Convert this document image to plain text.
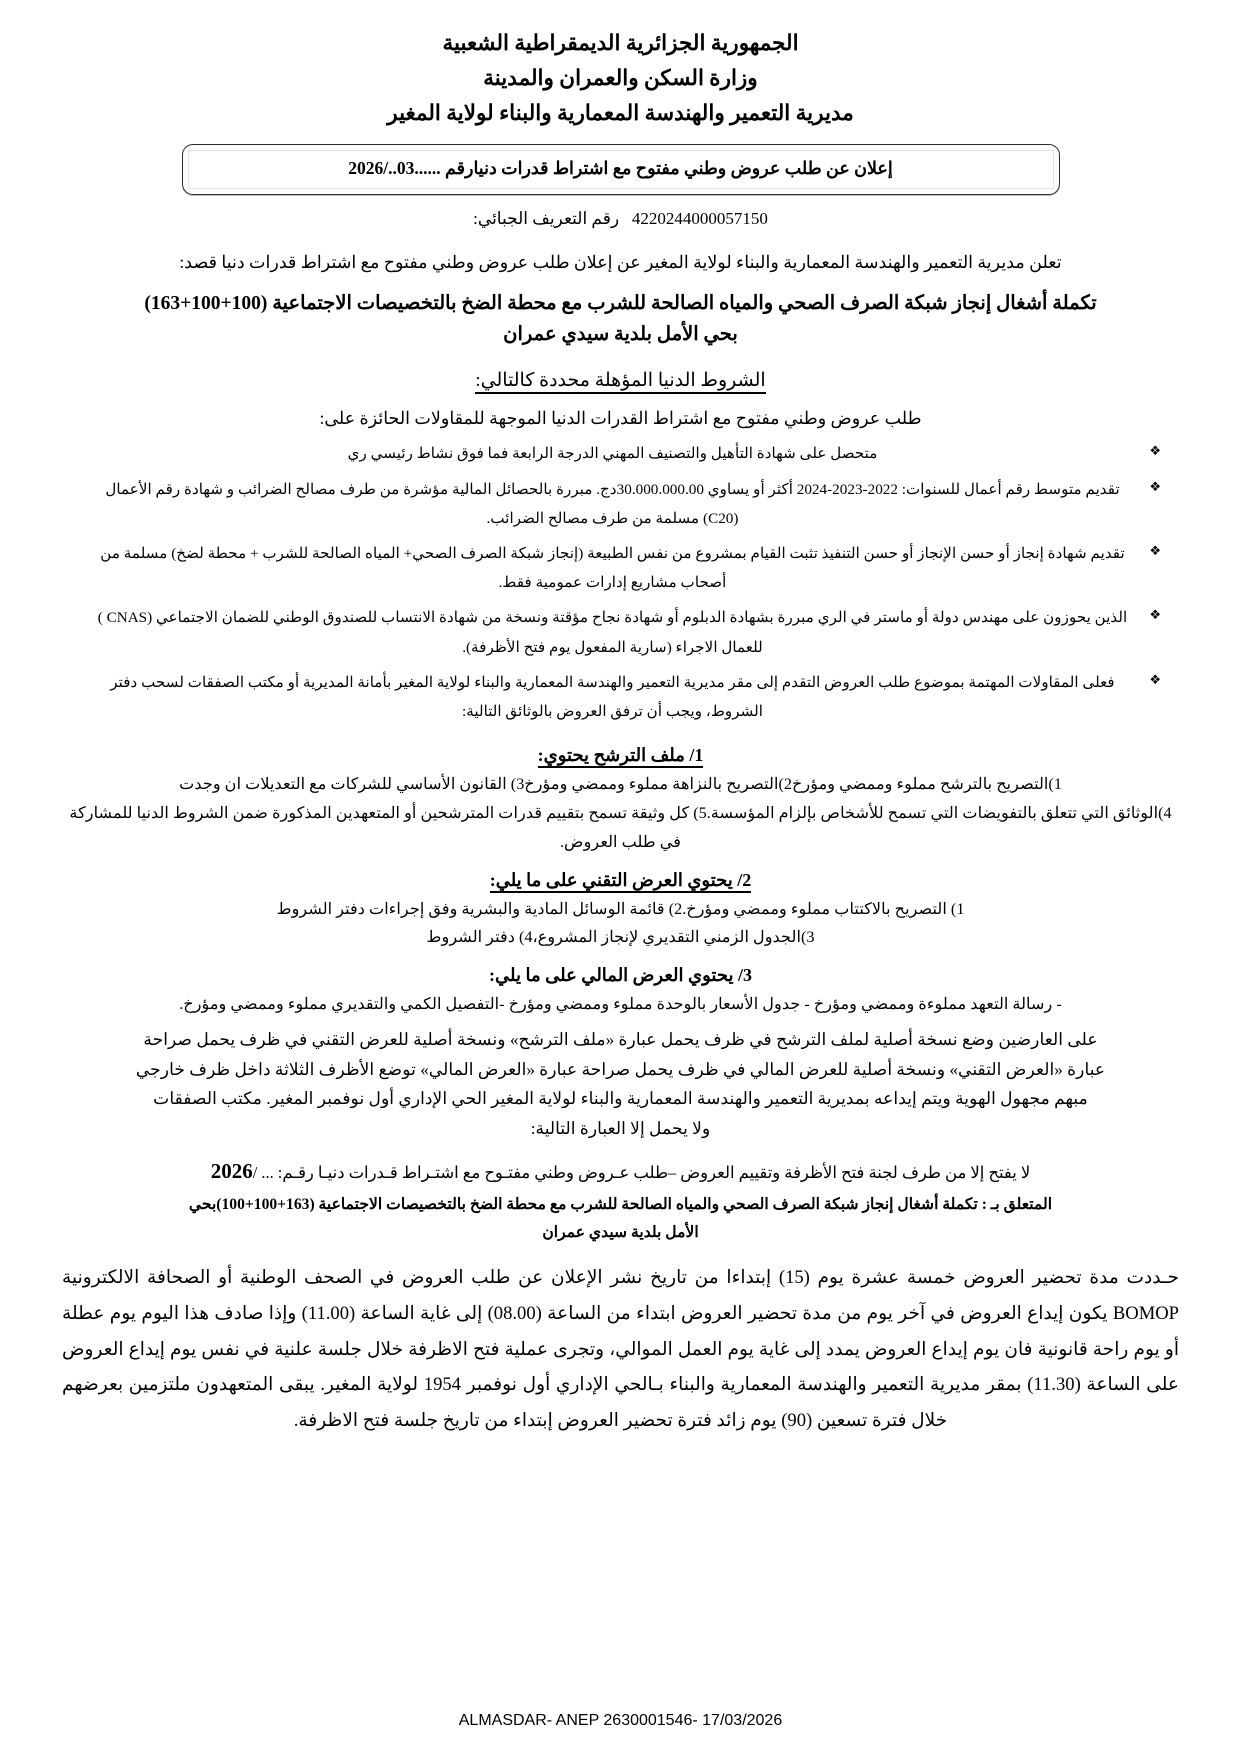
الجمهورية الجزائرية الديمقراطية الشعبية
وزارة السكن والعمران والمدينة
مديرية التعمير والهندسة المعمارية والبناء لولاية المغير
إعلان عن طلب عروض وطني مفتوح مع اشتراط قدرات دنيارقم ......03../2026
4220244000057150   رقم التعريف الجبائي:
تعلن مديرية التعمير والهندسة المعمارية والبناء لولاية المغير عن إعلان طلب عروض وطني مفتوح مع اشتراط قدرات دنيا قصد:
تكملة أشغال إنجاز شبكة الصرف الصحي والمياه الصالحة للشرب مع محطة الضخ بالتخصيصات الاجتماعية (100+100+163)
بحي الأمل بلدية سيدي عمران
الشروط الدنيا المؤهلة محددة كالتالي:
طلب عروض وطني مفتوح مع اشتراط القدرات الدنيا الموجهة للمقاولات الحائزة على:
❖
متحصل على شهادة التأهيل والتصنيف المهني الدرجة الرابعة فما فوق نشاط رئيسي ري
❖
تقديم متوسط رقم أعمال للسنوات: 2022-2023-2024 أكثر أو يساوي 30.000.000.00دج. مبررة بالحصائل المالية مؤشرة من طرف مصالح الضرائب و شهادة رقم الأعمال (C20) مسلمة من طرف مصالح الضرائب.
❖
تقديم شهادة إنجاز أو حسن الإنجاز أو حسن التنفيذ تثبت القيام بمشروع من نفس الطبيعة (إنجاز شبكة الصرف الصحي+ المياه الصالحة للشرب + محطة لضخ) مسلمة من أصحاب مشاريع إدارات عمومية فقط.
❖
الذين يحوزون على مهندس دولة أو ماستر في الري مبررة بشهادة الدبلوم أو شهادة نجاح مؤقتة ونسخة من شهادة الانتساب للصندوق الوطني للضمان الاجتماعي (CNAS ) للعمال الاجراء (سارية المفعول يوم فتح الأظرفة).
❖
فعلى المقاولات المهتمة بموضوع طلب العروض التقدم إلى مقر مديرية التعمير والهندسة المعمارية والبناء لولاية المغير بأمانة المديرية أو مكتب الصفقات لسحب دفتر الشروط، ويجب أن ترفق العروض بالوثائق التالية:
1/ ملف الترشح يحتوي:
1)التصريح بالترشح مملوء وممضي ومؤرخ2)التصريح بالنزاهة مملوء وممضي ومؤرخ3) القانون الأساسي للشركات مع التعديلات ان وجدت
4)الوثائق التي تتعلق بالتفويضات التي تسمح للأشخاص بإلزام المؤسسة.5) كل وثيقة تسمح بتقييم قدرات المترشحين أو المتعهدين المذكورة ضمن الشروط الدنيا للمشاركة في طلب العروض.
2/ يحتوي العرض التقني على ما يلي:
1) التصريح بالاكتتاب مملوء وممضي ومؤرخ.2) قائمة الوسائل المادية والبشرية وفق إجراءات دفتر الشروط
3)الجدول الزمني التقديري لإنجاز المشروع،4) دفتر الشروط
3/ يحتوي العرض المالي على ما يلي:
- رسالة التعهد مملوءة وممضي ومؤرخ - جدول الأسعار بالوحدة مملوء وممضي ومؤرخ -التفصيل الكمي والتقديري مملوء وممضي ومؤرخ.
على العارضين وضع نسخة أصلية لملف الترشح في ظرف يحمل عبارة «ملف الترشح» ونسخة أصلية للعرض التقني في ظرف يحمل صراحة
عبارة «العرض التقني» ونسخة أصلية للعرض المالي في ظرف يحمل صراحة عبارة «العرض المالي» توضع الأظرف الثلاثة داخل ظرف خارجي
مبهم مجهول الهوية ويتم إيداعه بمديرية التعمير والهندسة المعمارية والبناء لولاية المغير الحي الإداري أول نوفمبر المغير. مكتب الصفقات
ولا يحمل إلا العبارة التالية:
لا يفتح إلا من طرف لجنة فتح الأظرفة وتقييم العروض –طلب عـروض وطني مفتـوح مع اشتـراط قـدرات دنيـا رقـم: ... /2026
المتعلق بـ : تكملة أشغال إنجاز شبكة الصرف الصحي والمياه الصالحة للشرب مع محطة الضخ بالتخصيصات الاجتماعية (163+100+100)بحي
الأمل بلدية سيدي عمران
حـددت مدة تحضير العروض خمسة عشرة يوم (15) إبتداءا من تاريخ نشر الإعلان عن طلب العروض في الصحف الوطنية أو الصحافة الالكترونية BOMOP يكون إيداع العروض في آخر يوم من مدة تحضير العروض ابتداء من الساعة (08.00) إلى غاية الساعة (11.00) وإذا صادف هذا اليوم يوم عطلة أو يوم راحة قانونية فان يوم إيداع العروض يمدد إلى غاية يوم العمل الموالي، وتجرى عملية فتح الاظرفة خلال جلسة علنية في نفس يوم إيداع العروض على الساعة (11.30) بمقر مديرية التعمير والهندسة المعمارية والبناء بـالحي الإداري أول نوفمبر 1954 لولاية المغير. يبقى المتعهدون ملتزمين بعرضهم خلال فترة تسعين (90) يوم زائد فترة تحضير العروض إبتداء من تاريخ جلسة فتح الاظرفة.
ALMASDAR- ANEP 2630001546- 17/03/2026
